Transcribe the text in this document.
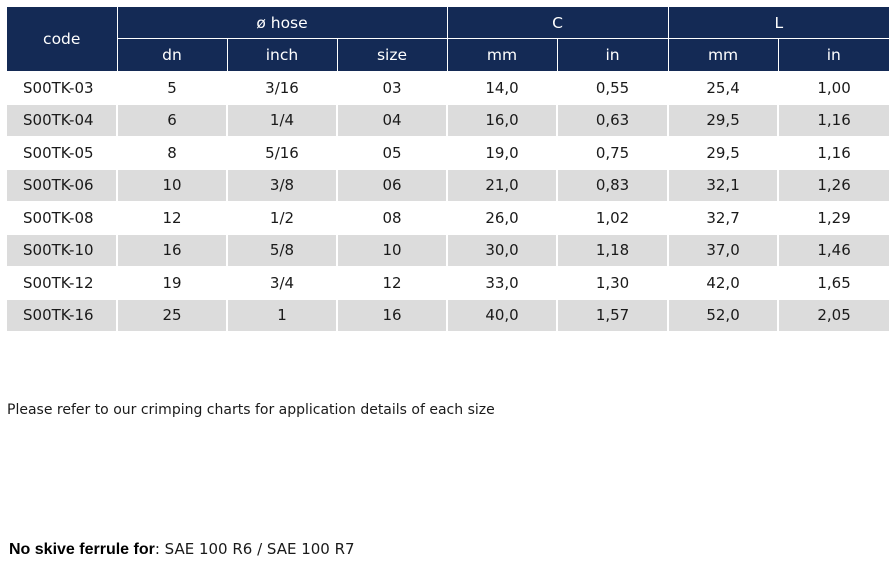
code	ø hose			C		L	
	dn	inch	size	mm	in	mm	in
S00TK-03	5	3/16	03	14,0	0,55	25,4	1,00
S00TK-04	6	1/4	04	16,0	0,63	29,5	1,16
S00TK-05	8	5/16	05	19,0	0,75	29,5	1,16
S00TK-06	10	3/8	06	21,0	0,83	32,1	1,26
S00TK-08	12	1/2	08	26,0	1,02	32,7	1,29
S00TK-10	16	5/8	10	30,0	1,18	37,0	1,46
S00TK-12	19	3/4	12	33,0	1,30	42,0	1,65
S00TK-16	25	1	16	40,0	1,57	52,0	2,05

Please refer to our crimping charts for application details of each size

No skive ferrule for: SAE 100 R6 / SAE 100 R7
